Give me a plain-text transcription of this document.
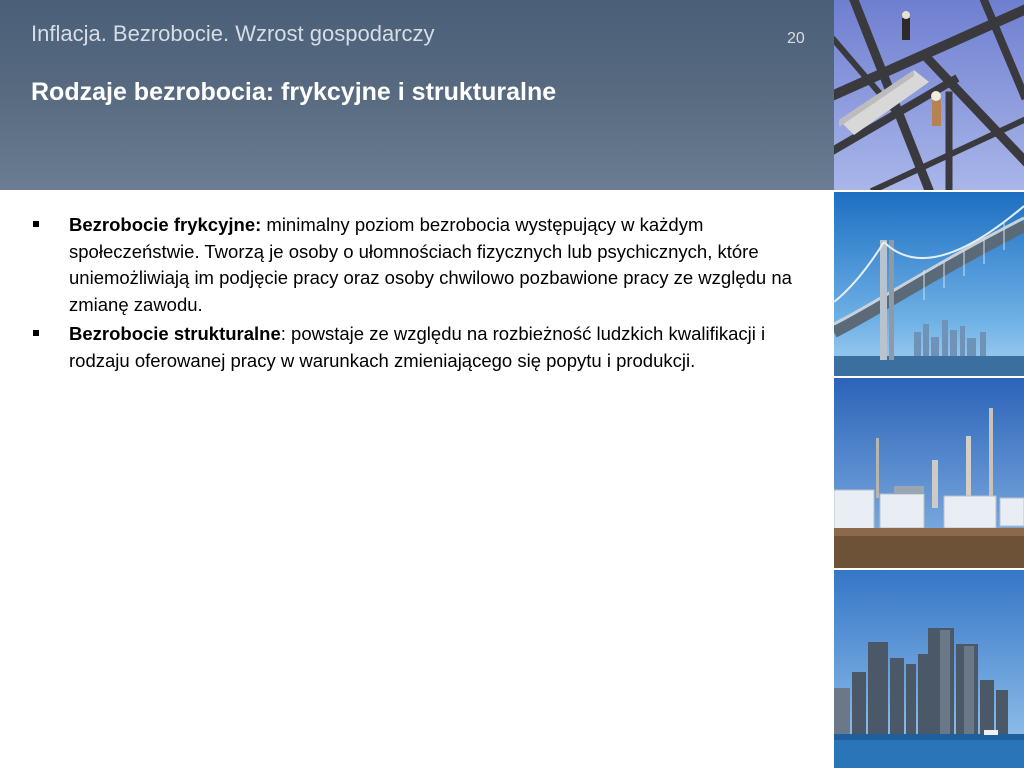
Inflacja. Bezrobocie. Wzrost gospodarczy	20
Rodzaje bezrobocia: frykcyjne i strukturalne

Bezrobocie frykcyjne: minimalny poziom bezrobocia występujący w każdym społeczeństwie. Tworzą je osoby o ułomnościach fizycznych lub psychicznych, które uniemożliwiają im podjęcie pracy oraz osoby chwilowo pozbawione pracy ze względu na zmianę zawodu.

Bezrobocie strukturalne: powstaje ze względu na rozbieżność ludzkich kwalifikacji i rodzaju oferowanej pracy w warunkach zmieniającego się popytu i produkcji.
